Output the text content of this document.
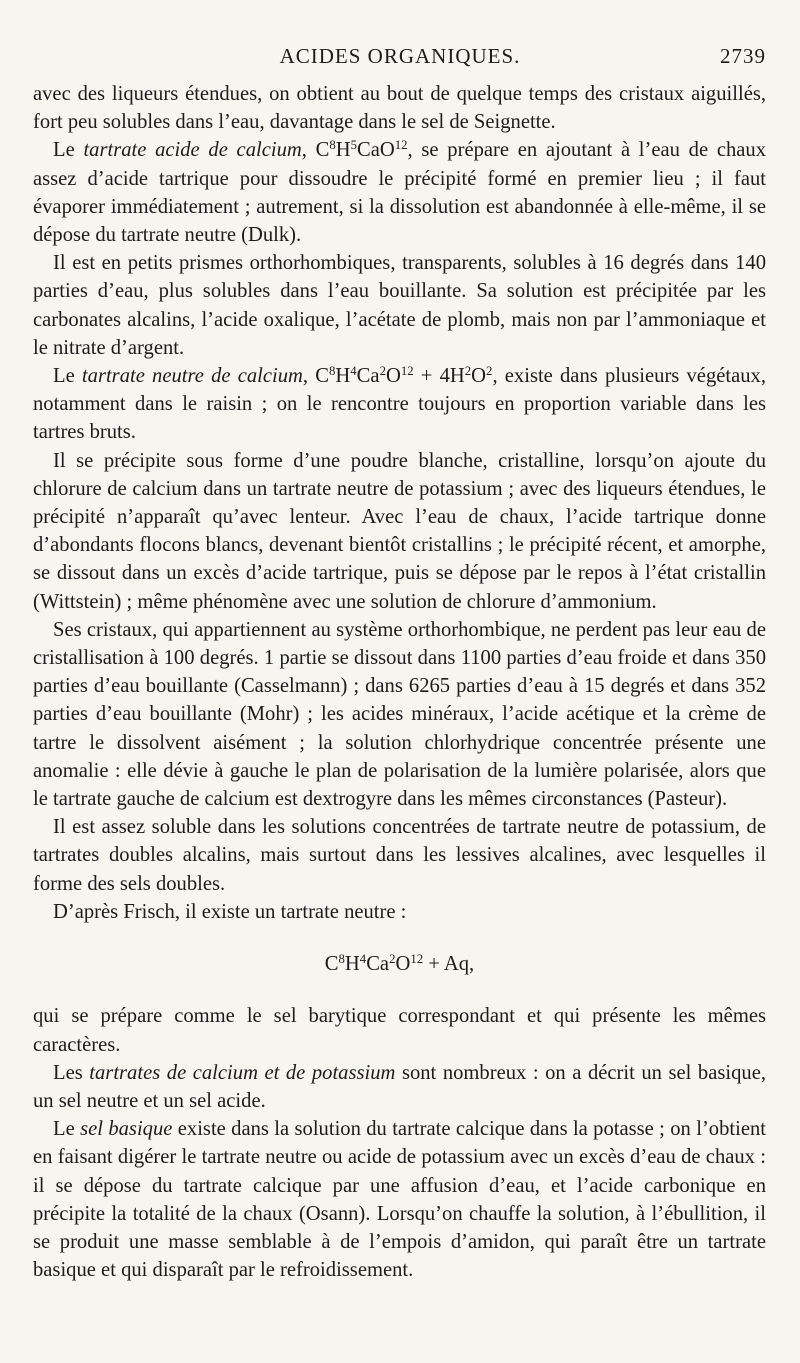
ACIDES ORGANIQUES.	2739

avec des liqueurs étendues, on obtient au bout de quelque temps des cristaux aiguillés, fort peu solubles dans l’eau, davantage dans le sel de Seignette.

Le tartrate acide de calcium, $C^8H^5CaO^{12}$, se prépare en ajoutant à l’eau de chaux assez d’acide tartrique pour dissoudre le précipité formé en premier lieu ; il faut évaporer immédiatement ; autrement, si la dissolution est abandonnée à elle-même, il se dépose du tartrate neutre (Dulk).

Il est en petits prismes orthorhombiques, transparents, solubles à 16 degrés dans 140 parties d’eau, plus solubles dans l’eau bouillante. Sa solution est précipitée par les carbonates alcalins, l’acide oxalique, l’acétate de plomb, mais non par l’ammoniaque et le nitrate d’argent.

Le tartrate neutre de calcium, $C^8H^4Ca^2O^{12} + 4H^2O^2$, existe dans plusieurs végétaux, notamment dans le raisin ; on le rencontre toujours en proportion variable dans les tartres bruts.

Il se précipite sous forme d’une poudre blanche, cristalline, lorsqu’on ajoute du chlorure de calcium dans un tartrate neutre de potassium ; avec des liqueurs étendues, le précipité n’apparaît qu’avec lenteur. Avec l’eau de chaux, l’acide tartrique donne d’abondants flocons blancs, devenant bientôt cristallins ; le précipité récent, et amorphe, se dissout dans un excès d’acide tartrique, puis se dépose par le repos à l’état cristallin (Wittstein) ; même phénomène avec une solution de chlorure d’ammonium.

Ses cristaux, qui appartiennent au système orthorhombique, ne perdent pas leur eau de cristallisation à 100 degrés. 1 partie se dissout dans 1100 parties d’eau froide et dans 350 parties d’eau bouillante (Casselmann) ; dans 6265 parties d’eau à 15 degrés et dans 352 parties d’eau bouillante (Mohr) ; les acides minéraux, l’acide acétique et la crème de tartre le dissolvent aisément ; la solution chlorhydrique concentrée présente une anomalie : elle dévie à gauche le plan de polarisation de la lumière polarisée, alors que le tartrate gauche de calcium est dextrogyre dans les mêmes circonstances (Pasteur).

Il est assez soluble dans les solutions concentrées de tartrate neutre de potassium, de tartrates doubles alcalins, mais surtout dans les lessives alcalines, avec lesquelles il forme des sels doubles.

D’après Frisch, il existe un tartrate neutre :

$C^8H^4Ca^2O^{12} + Aq$,

qui se prépare comme le sel barytique correspondant et qui présente les mêmes caractères.

Les tartrates de calcium et de potassium sont nombreux : on a décrit un sel basique, un sel neutre et un sel acide.

Le sel basique existe dans la solution du tartrate calcique dans la potasse ; on l’obtient en faisant digérer le tartrate neutre ou acide de potassium avec un excès d’eau de chaux : il se dépose du tartrate calcique par une affusion d’eau, et l’acide carbonique en précipite la totalité de la chaux (Osann). Lorsqu’on chauffe la solution, à l’ébullition, il se produit une masse semblable à de l’empois d’amidon, qui paraît être un tartrate basique et qui disparaît par le refroidissement.
